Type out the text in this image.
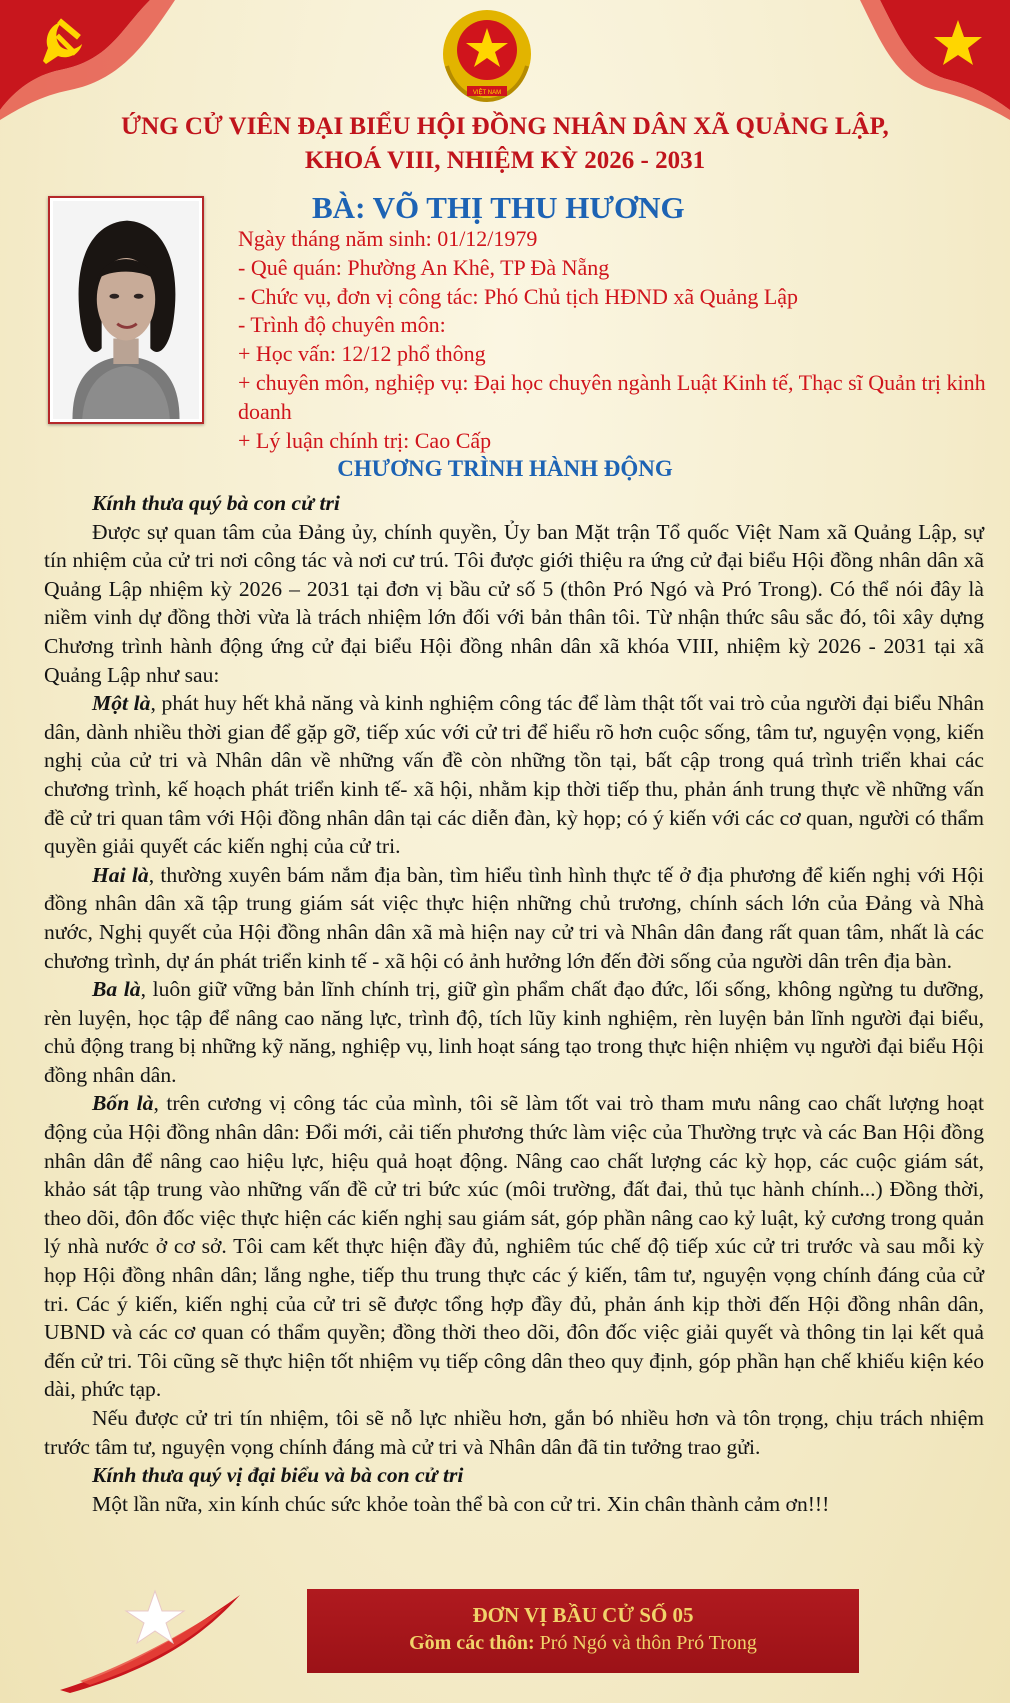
VIỆT NAM
ỨNG CỬ VIÊN ĐẠI BIỂU HỘI ĐỒNG NHÂN DÂN XÃ QUẢNG LẬP,
KHOÁ VIII, NHIỆM KỲ 2026 - 2031
BÀ: VÕ THỊ THU HƯƠNG
Ngày tháng năm sinh: 01/12/1979
- Quê quán: Phường An Khê, TP Đà Nẵng
- Chức vụ, đơn vị công tác: Phó Chủ tịch HĐND xã Quảng Lập
- Trình độ chuyên môn:
+ Học vấn: 12/12 phổ thông
+ chuyên môn, nghiệp vụ: Đại học chuyên ngành Luật Kinh tế, Thạc sĩ Quản trị kinh doanh
+ Lý luận chính trị: Cao Cấp
CHƯƠNG TRÌNH HÀNH ĐỘNG

Kính thưa quý bà con cử tri

Được sự quan tâm của Đảng ủy, chính quyền, Ủy ban Mặt trận Tổ quốc Việt Nam xã Quảng Lập, sự tín nhiệm của cử tri nơi công tác và nơi cư trú. Tôi được giới thiệu ra ứng cử đại biểu Hội đồng nhân dân xã Quảng Lập nhiệm kỳ 2026 – 2031 tại đơn vị bầu cử số 5 (thôn Pró Ngó và Pró Trong). Có thể nói đây là niềm vinh dự đồng thời vừa là trách nhiệm lớn đối với bản thân tôi. Từ nhận thức sâu sắc đó, tôi xây dựng Chương trình hành động ứng cử đại biểu Hội đồng nhân dân xã khóa VIII, nhiệm kỳ 2026 - 2031 tại xã Quảng Lập như sau:

Một là, phát huy hết khả năng và kinh nghiệm công tác để làm thật tốt vai trò của người đại biểu Nhân dân, dành nhiều thời gian để gặp gỡ, tiếp xúc với cử tri để hiểu rõ hơn cuộc sống, tâm tư, nguyện vọng, kiến nghị của cử tri và Nhân dân về những vấn đề còn những tồn tại, bất cập trong quá trình triển khai các chương trình, kế hoạch phát triển kinh tế- xã hội, nhằm kịp thời tiếp thu, phản ánh trung thực về những vấn đề cử tri quan tâm với Hội đồng nhân dân tại các diễn đàn, kỳ họp; có ý kiến với các cơ quan, người có thẩm quyền giải quyết các kiến nghị của cử tri.

Hai là, thường xuyên bám nắm địa bàn, tìm hiểu tình hình thực tế ở địa phương để kiến nghị với Hội đồng nhân dân xã tập trung giám sát việc thực hiện những chủ trương, chính sách lớn của Đảng và Nhà nước, Nghị quyết của Hội đồng nhân dân xã mà hiện nay cử tri và Nhân dân đang rất quan tâm, nhất là các chương trình, dự án phát triển kinh tế - xã hội có ảnh hưởng lớn đến đời sống của người dân trên địa bàn.

Ba là, luôn giữ vững bản lĩnh chính trị, giữ gìn phẩm chất đạo đức, lối sống, không ngừng tu dưỡng, rèn luyện, học tập để nâng cao năng lực, trình độ, tích lũy kinh nghiệm, rèn luyện bản lĩnh người đại biểu, chủ động trang bị những kỹ năng, nghiệp vụ, linh hoạt sáng tạo trong thực hiện nhiệm vụ người đại biểu Hội đồng nhân dân.

Bốn là, trên cương vị công tác của mình, tôi sẽ làm tốt vai trò tham mưu nâng cao chất lượng hoạt động của Hội đồng nhân dân: Đổi mới, cải tiến phương thức làm việc của Thường trực và các Ban Hội đồng nhân dân để nâng cao hiệu lực, hiệu quả hoạt động. Nâng cao chất lượng các kỳ họp, các cuộc giám sát, khảo sát tập trung vào những vấn đề cử tri bức xúc (môi trường, đất đai, thủ tục hành chính...) Đồng thời, theo dõi, đôn đốc việc thực hiện các kiến nghị sau giám sát, góp phần nâng cao kỷ luật, kỷ cương trong quản lý nhà nước ở cơ sở. Tôi cam kết thực hiện đầy đủ, nghiêm túc chế độ tiếp xúc cử tri trước và sau mỗi kỳ họp Hội đồng nhân dân; lắng nghe, tiếp thu trung thực các ý kiến, tâm tư, nguyện vọng chính đáng của cử tri. Các ý kiến, kiến nghị của cử tri sẽ được tổng hợp đầy đủ, phản ánh kịp thời đến Hội đồng nhân dân, UBND và các cơ quan có thẩm quyền; đồng thời theo dõi, đôn đốc việc giải quyết và thông tin lại kết quả đến cử tri. Tôi cũng sẽ thực hiện tốt nhiệm vụ tiếp công dân theo quy định, góp phần hạn chế khiếu kiện kéo dài, phức tạp.

Nếu được cử tri tín nhiệm, tôi sẽ nỗ lực nhiều hơn, gắn bó nhiều hơn và tôn trọng, chịu trách nhiệm trước tâm tư, nguyện vọng chính đáng mà cử tri và Nhân dân đã tin tưởng trao gửi.

Kính thưa quý vị đại biểu và bà con cử tri

Một lần nữa, xin kính chúc sức khỏe toàn thể bà con cử tri. Xin chân thành cảm ơn!!!

ĐƠN VỊ BẦU CỬ SỐ 05
Gồm các thôn: Pró Ngó và thôn Pró Trong
